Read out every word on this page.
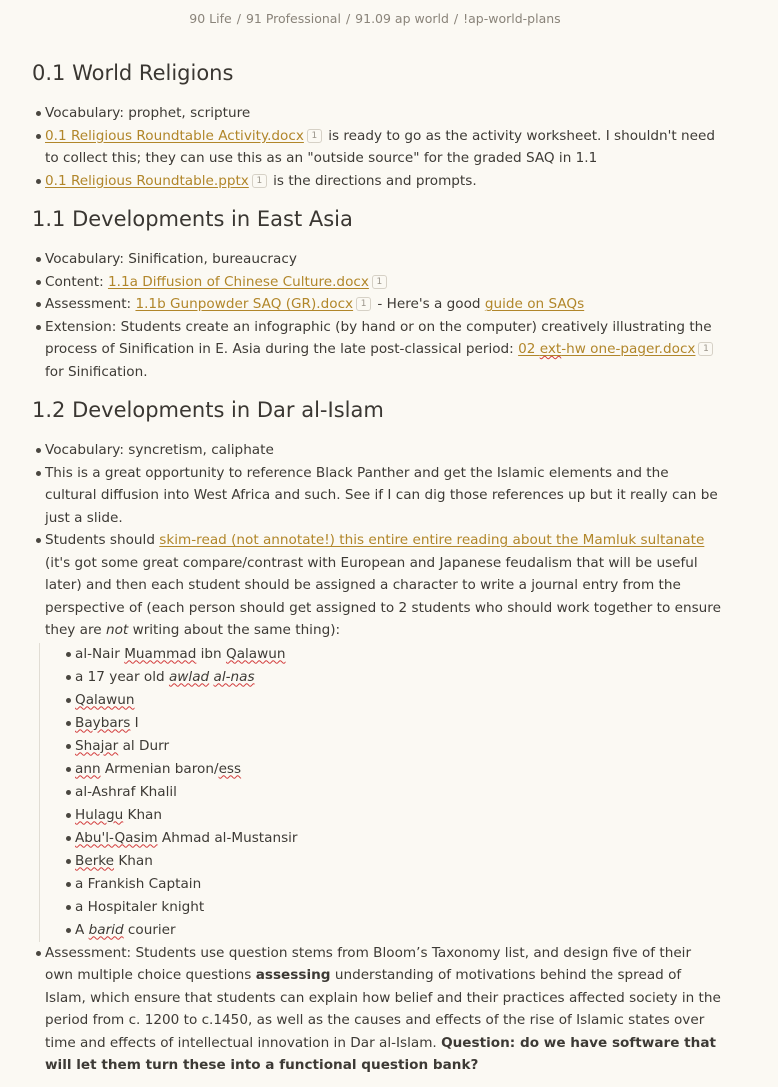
90 Life / 91 Professional / 91.09 ap world / !ap-world-plans
0.1 World Religions
Vocabulary: prophet, scripture
0.1 Religious Roundtable Activity.docx 1 is ready to go as the activity worksheet. I shouldn't need to collect this; they can use this as an "outside source" for the graded SAQ in 1.1
0.1 Religious Roundtable.pptx 1 is the directions and prompts.
1.1 Developments in East Asia
Vocabulary: Sinification, bureaucracy
Content: 1.1a Diffusion of Chinese Culture.docx 1
Assessment: 1.1b Gunpowder SAQ (GR).docx 1 - Here's a good guide on SAQs
Extension: Students create an infographic (by hand or on the computer) creatively illustrating the process of Sinification in E. Asia during the late post-classical period: 02 ext-hw one-pager.docx 1 for Sinification.
1.2 Developments in Dar al-Islam
Vocabulary: syncretism, caliphate
This is a great opportunity to reference Black Panther and get the Islamic elements and the cultural diffusion into West Africa and such. See if I can dig those references up but it really can be just a slide.
Students should skim-read (not annotate!) this entire entire reading about the Mamluk sultanate (it's got some great compare/contrast with European and Japanese feudalism that will be useful later) and then each student should be assigned a character to write a journal entry from the perspective of (each person should get assigned to 2 students who should work together to ensure they are not writing about the same thing):
al-Nair Muammad ibn Qalawun
a 17 year old awlad al-nas
Qalawun
Baybars I
Shajar al Durr
ann Armenian baron/ess
al-Ashraf Khalil
Hulagu Khan
Abu'l-Qasim Ahmad al-Mustansir
Berke Khan
a Frankish Captain
a Hospitaler knight
A barid courier
Assessment: Students use question stems from Bloom’s Taxonomy list, and design five of their own multiple choice questions assessing understanding of motivations behind the spread of Islam, which ensure that students can explain how belief and their practices affected society in the period from c. 1200 to c.1450, as well as the causes and effects of the rise of Islamic states over time and effects of intellectual innovation in Dar al-Islam. Question: do we have software that will let them turn these into a functional question bank?
